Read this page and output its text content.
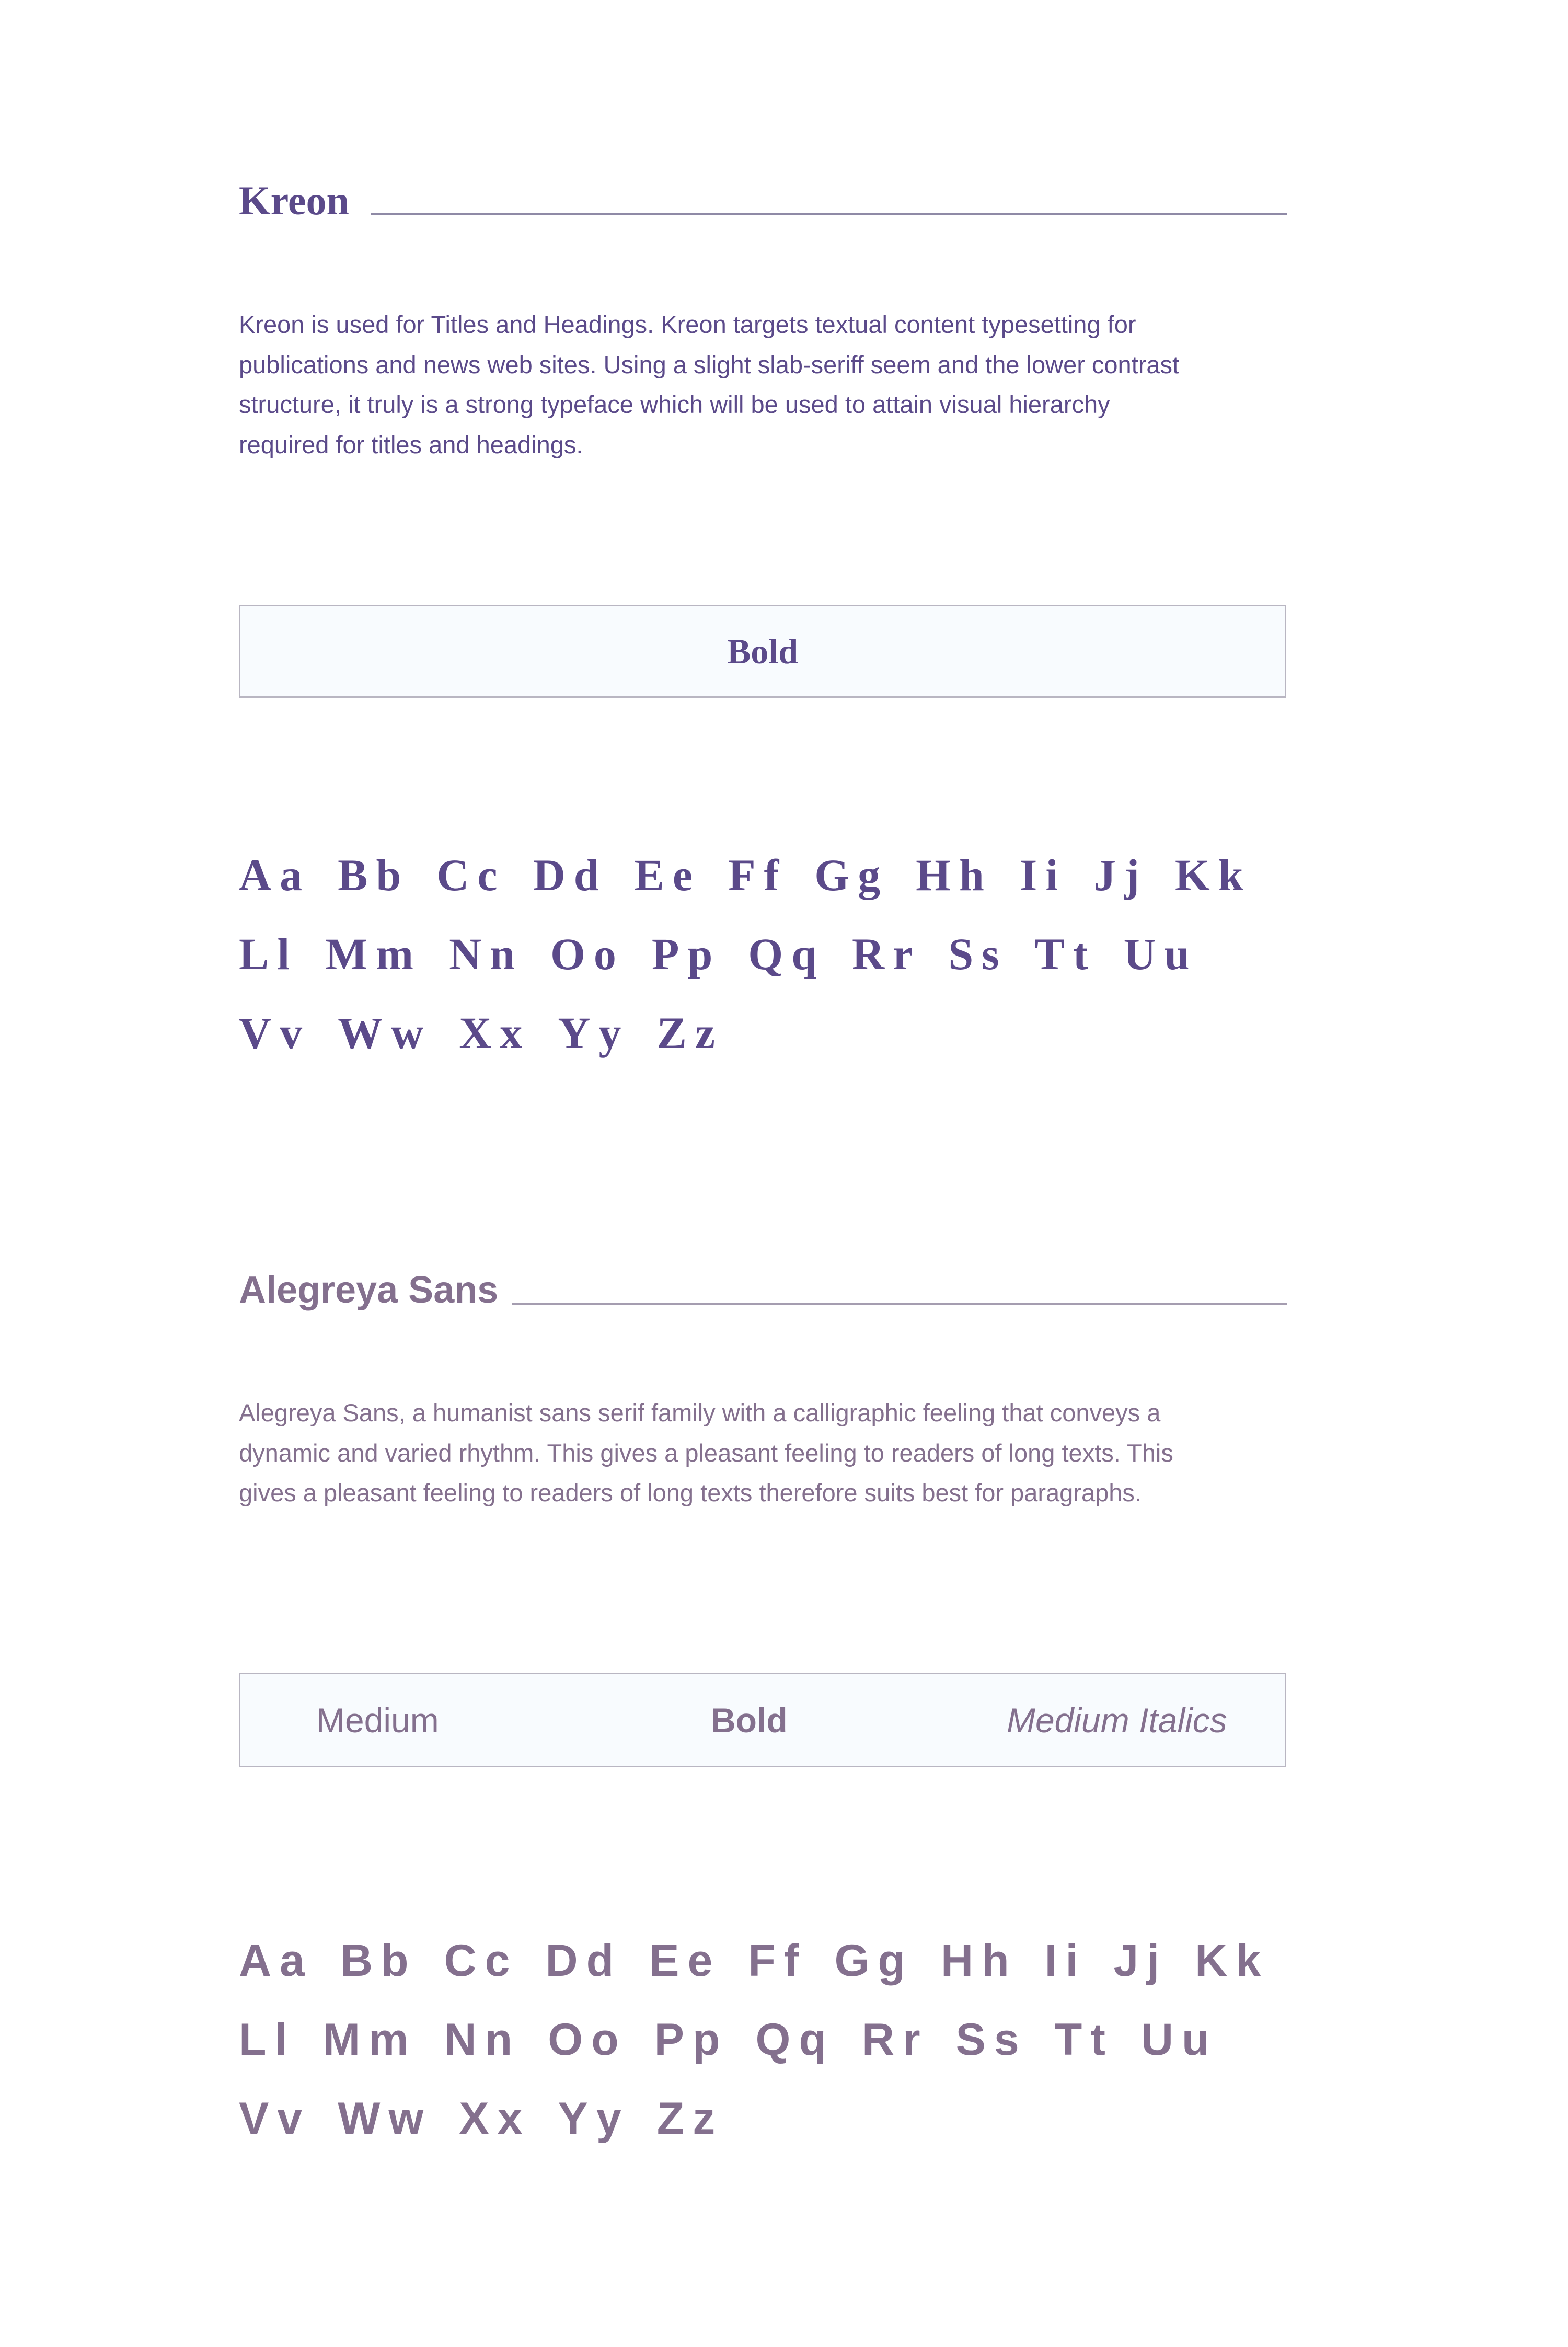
Kreon
Kreon is used for Titles and Headings. Kreon targets textual content typesetting for
publications and news web sites. Using a slight slab-seriff seem and the lower contrast
structure, it truly is a strong typeface which will be used to attain visual hierarchy
required for titles and headings.
Bold
Aa Bb Cc Dd Ee Ff Gg Hh Ii Jj Kk
Ll Mm Nn Oo Pp Qq Rr Ss Tt Uu
Vv Ww Xx Yy Zz
Alegreya Sans
Alegreya Sans, a humanist sans serif family with a calligraphic feeling that conveys a
dynamic and varied rhythm. This gives a pleasant feeling to readers of long texts. This
gives a pleasant feeling to readers of long texts therefore suits best for paragraphs.
Medium	Bold	Medium Italics
Aa Bb Cc Dd Ee Ff Gg Hh Ii Jj Kk
Ll Mm Nn Oo Pp Qq Rr Ss Tt Uu
Vv Ww Xx Yy Zz
